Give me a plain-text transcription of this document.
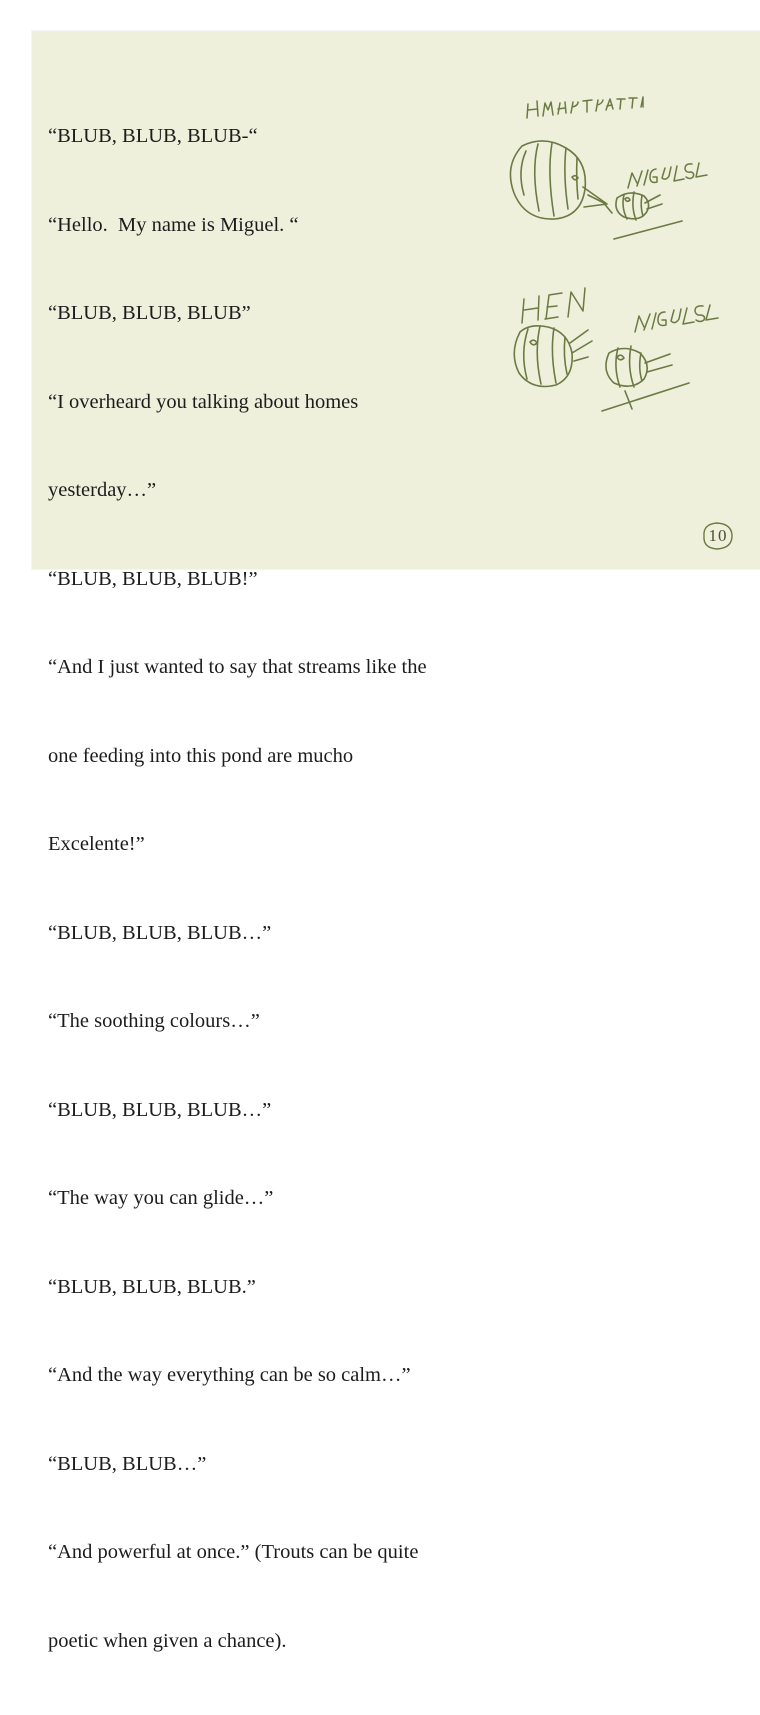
“BLUB, BLUB, BLUB-“

“Hello.  My name is Miguel. “

“BLUB, BLUB, BLUB”

“I overheard you talking about homes

yesterday…”

“BLUB, BLUB, BLUB!”

“And I just wanted to say that streams like the

one feeding into this pond are mucho

Excelente!”

“BLUB, BLUB, BLUB…”

“The soothing colours…”

“BLUB, BLUB, BLUB…”

“The way you can glide…”

“BLUB, BLUB, BLUB.”

“And the way everything can be so calm…”

“BLUB, BLUB…”

“And powerful at once.” (Trouts can be quite

poetic when given a chance).

10
